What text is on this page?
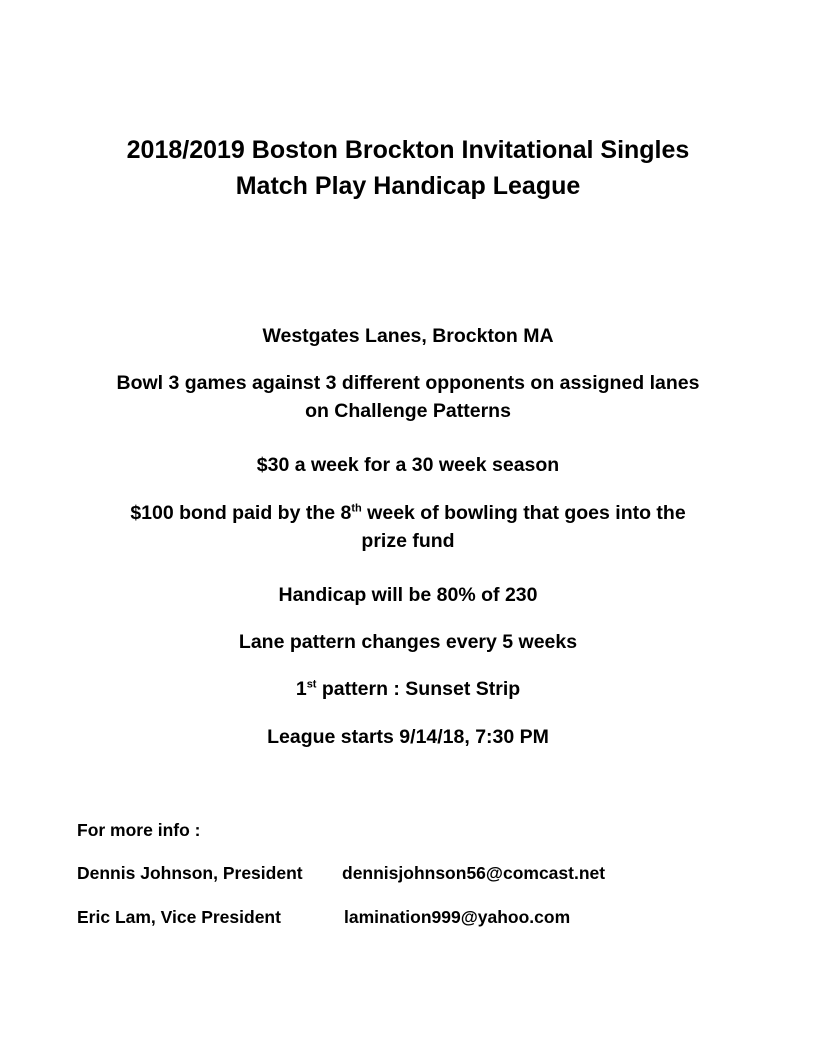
2018/2019 Boston Brockton Invitational Singles
Match Play Handicap League
Westgates Lanes, Brockton MA
Bowl 3 games against 3 different opponents on assigned lanes
on Challenge Patterns
$30 a week for a 30 week season
$100 bond paid by the 8th week of bowling that goes into the
prize fund
Handicap will be 80% of 230
Lane pattern changes every 5 weeks
1st pattern : Sunset Strip
League starts 9/14/18, 7:30 PM
For more info :
Dennis Johnson, President dennisjohnson56@comcast.net
Eric Lam, Vice President	lamination999@yahoo.com
